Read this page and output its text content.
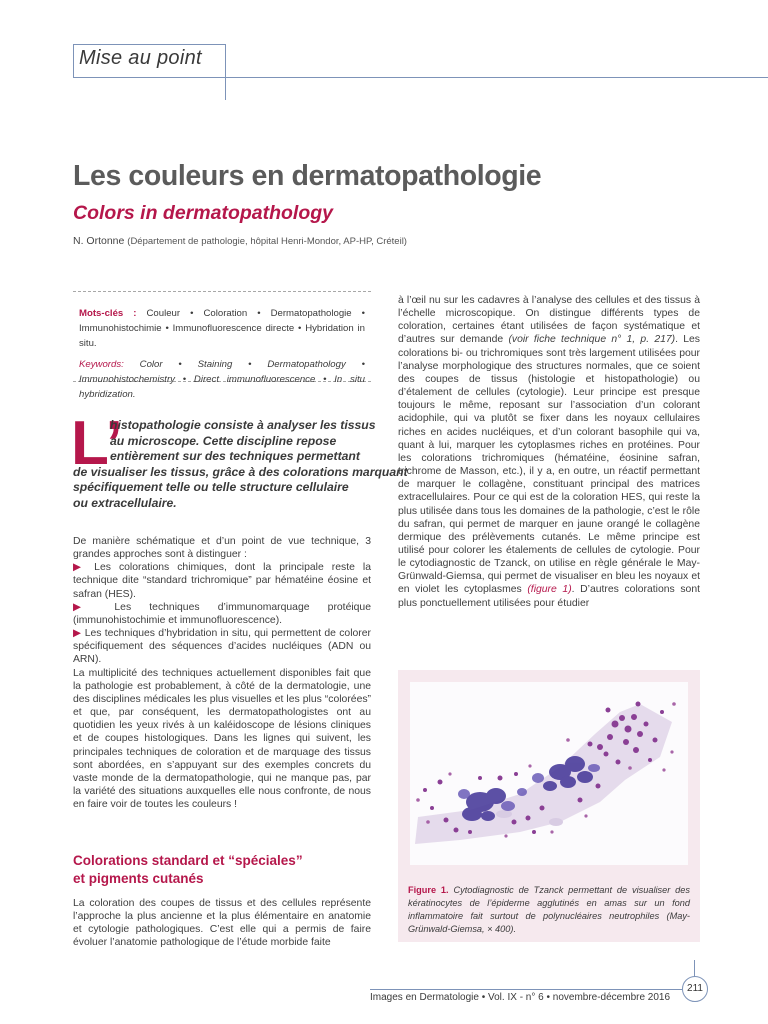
Mise au point
Les couleurs en dermatopathologie
Colors in dermatopathology
N. Ortonne (Département de pathologie, hôpital Henri-Mondor, AP-HP, Créteil)

Mots-clés : Couleur • Coloration • Dermatopathologie • Immunohistochimie • Immunofluorescence directe • Hybridation in situ.

Keywords: Color • Staining • Dermatopathology • Immunohistochemistry • Direct immunofluorescence • In situ hybridization.

L’
histopathologie consiste à analyser les tissus
au microscope. Cette discipline repose
entièrement sur des techniques permettant
de visualiser les tissus, grâce à des colorations marquant
spécifiquement telle ou telle structure cellulaire
ou extracellulaire.

De manière schématique et d’un point de vue technique, 3 grandes approches sont à distinguer :

▶ Les colorations chimiques, dont la principale reste la technique dite “standard trichromique” par hématéine éosine et safran (HES).

▶ Les techniques d’immunomarquage protéique (immunohistochimie et immunofluorescence).

▶ Les techniques d’hybridation in situ, qui permettent de colorer spécifiquement des séquences d’acides nucléiques (ADN ou ARN).

La multiplicité des techniques actuellement disponibles fait que la pathologie est probablement, à côté de la dermatologie, une des disciplines médicales les plus visuelles et les plus “colorées” et que, par conséquent, les dermatopathologistes ont au quotidien les yeux rivés à un kaléidoscope de lésions cliniques et de coupes histologiques. Dans les lignes qui suivent, les principales techniques de coloration et de marquage des tissus sont abordées, en s’appuyant sur des exemples concrets du vaste monde de la dermatopathologie, qui ne manque pas, par la variété des situations auxquelles elle nous confronte, de nous en faire voir de toutes les couleurs !

Colorations standard et “spéciales”
et pigments cutanés

La coloration des coupes de tissus et des cellules représente l’approche la plus ancienne et la plus élémentaire en anatomie et cytologie pathologiques. C’est elle qui a permis de faire évoluer l’anatomie pathologique de l’étude morbide faite

à l’œil nu sur les cadavres à l’analyse des cellules et des tissus à l’échelle microscopique. On distingue différents types de coloration, certaines étant utilisées de façon systématique et d’autres sur demande (voir fiche technique n° 1, p. 217). Les colorations bi- ou trichromiques sont très largement utilisées pour l’analyse morphologique des structures normales, que ce soient des coupes de tissus (histologie et histopathologie) ou d’étalement de cellules (cytologie). Leur principe est presque toujours le même, reposant sur l’association d’un colorant acidophile, qui va plutôt se fixer dans les noyaux cellulaires riches en acides nucléiques, et d’un colorant basophile qui va, quant à lui, marquer les cytoplasmes riches en protéines. Pour les colorations trichromiques (hématéine, éosinine safran, trichrome de Masson, etc.), il y a, en outre, un réactif permettant de marquer le collagène, constituant principal des matrices extracellulaires. Pour ce qui est de la coloration HES, qui reste la plus utilisée dans tous les domaines de la pathologie, c’est le rôle du safran, qui permet de marquer en jaune orangé le collagène dermique des prélèvements cutanés. Le même principe est utilisé pour colorer les étalements de cellules de cytologie. Pour le cytodiagnostic de Tzanck, on utilise en règle générale le May-Grünwald-Giemsa, qui permet de visualiser en bleu les noyaux et en violet les cytoplasmes (figure 1). D’autres colorations sont plus ponctuellement utilisées pour étudier

Figure 1. Cytodiagnostic de Tzanck permettant de visualiser des kératinocytes de l’épiderme agglutinés en amas sur un fond inflammatoire fait surtout de polynucléaires neutrophiles (May-Grünwald-Giemsa, × 400).

Images en Dermatologie • Vol. IX - n° 6 • novembre-décembre 2016
211
